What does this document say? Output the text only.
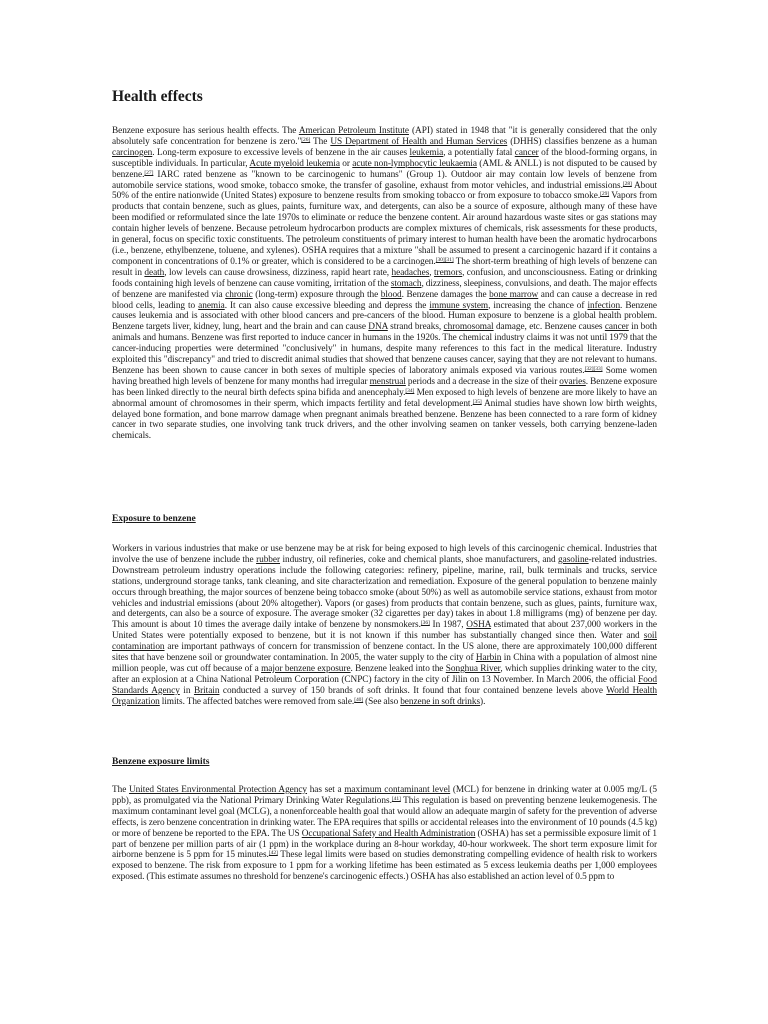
Health effects

Benzene exposure has serious health effects. The American Petroleum Institute (API) stated in 1948 that "it is generally considered that the only absolutely safe concentration for benzene is zero."[26] The US Department of Health and Human Services (DHHS) classifies benzene as a human carcinogen. Long-term exposure to excessive levels of benzene in the air causes leukemia, a potentially fatal cancer of the blood-forming organs, in susceptible individuals. In particular, Acute myeloid leukemia or acute non-lymphocytic leukaemia (AML & ANLL) is not disputed to be caused by benzene.[27] IARC rated benzene as "known to be carcinogenic to humans" (Group 1). Outdoor air may contain low levels of benzene from automobile service stations, wood smoke, tobacco smoke, the transfer of gasoline, exhaust from motor vehicles, and industrial emissions.[28] About 50% of the entire nationwide (United States) exposure to benzene results from smoking tobacco or from exposure to tobacco smoke.[29] Vapors from products that contain benzene, such as glues, paints, furniture wax, and detergents, can also be a source of exposure, although many of these have been modified or reformulated since the late 1970s to eliminate or reduce the benzene content. Air around hazardous waste sites or gas stations may contain higher levels of benzene. Because petroleum hydrocarbon products are complex mixtures of chemicals, risk assessments for these products, in general, focus on specific toxic constituents. The petroleum constituents of primary interest to human health have been the aromatic hydrocarbons (i.e., benzene, ethylbenzene, toluene, and xylenes). OSHA requires that a mixture "shall be assumed to present a carcinogenic hazard if it contains a component in concentrations of 0.1% or greater, which is considered to be a carcinogen.[30][31] The short-term breathing of high levels of benzene can result in death, low levels can cause drowsiness, dizziness, rapid heart rate, headaches, tremors, confusion, and unconsciousness. Eating or drinking foods containing high levels of benzene can cause vomiting, irritation of the stomach, dizziness, sleepiness, convulsions, and death. The major effects of benzene are manifested via chronic (long-term) exposure through the blood. Benzene damages the bone marrow and can cause a decrease in red blood cells, leading to anemia. It can also cause excessive bleeding and depress the immune system, increasing the chance of infection. Benzene causes leukemia and is associated with other blood cancers and pre-cancers of the blood. Human exposure to benzene is a global health problem. Benzene targets liver, kidney, lung, heart and the brain and can cause DNA strand breaks, chromosomal damage, etc. Benzene causes cancer in both animals and humans. Benzene was first reported to induce cancer in humans in the 1920s. The chemical industry claims it was not until 1979 that the cancer-inducing properties were determined "conclusively" in humans, despite many references to this fact in the medical literature. Industry exploited this "discrepancy" and tried to discredit animal studies that showed that benzene causes cancer, saying that they are not relevant to humans. Benzene has been shown to cause cancer in both sexes of multiple species of laboratory animals exposed via various routes.[32][33] Some women having breathed high levels of benzene for many months had irregular menstrual periods and a decrease in the size of their ovaries. Benzene exposure has been linked directly to the neural birth defects spina bifida and anencephaly.[34] Men exposed to high levels of benzene are more likely to have an abnormal amount of chromosomes in their sperm, which impacts fertility and fetal development.[35] Animal studies have shown low birth weights, delayed bone formation, and bone marrow damage when pregnant animals breathed benzene. Benzene has been connected to a rare form of kidney cancer in two separate studies, one involving tank truck drivers, and the other involving seamen on tanker vessels, both carrying benzene-laden chemicals.

Exposure to benzene

Workers in various industries that make or use benzene may be at risk for being exposed to high levels of this carcinogenic chemical. Industries that involve the use of benzene include the rubber industry, oil refineries, coke and chemical plants, shoe manufacturers, and gasoline-related industries. Downstream petroleum industry operations include the following categories: refinery, pipeline, marine, rail, bulk terminals and trucks, service stations, underground storage tanks, tank cleaning, and site characterization and remediation. Exposure of the general population to benzene mainly occurs through breathing, the major sources of benzene being tobacco smoke (about 50%) as well as automobile service stations, exhaust from motor vehicles and industrial emissions (about 20% altogether). Vapors (or gases) from products that contain benzene, such as glues, paints, furniture wax, and detergents, can also be a source of exposure. The average smoker (32 cigarettes per day) takes in about 1.8 milligrams (mg) of benzene per day. This amount is about 10 times the average daily intake of benzene by nonsmokers.[36] In 1987, OSHA estimated that about 237,000 workers in the United States were potentially exposed to benzene, but it is not known if this number has substantially changed since then. Water and soil contamination are important pathways of concern for transmission of benzene contact. In the US alone, there are approximately 100,000 different sites that have benzene soil or groundwater contamination. In 2005, the water supply to the city of Harbin in China with a population of almost nine million people, was cut off because of a major benzene exposure. Benzene leaked into the Songhua River, which supplies drinking water to the city, after an explosion at a China National Petroleum Corporation (CNPC) factory in the city of Jilin on 13 November. In March 2006, the official Food Standards Agency in Britain conducted a survey of 150 brands of soft drinks. It found that four contained benzene levels above World Health Organization limits. The affected batches were removed from sale.[40] (See also benzene in soft drinks).

Benzene exposure limits

The United States Environmental Protection Agency has set a maximum contaminant level (MCL) for benzene in drinking water at 0.005 mg/L (5 ppb), as promulgated via the National Primary Drinking Water Regulations.[41] This regulation is based on preventing benzene leukemogenesis. The maximum contaminant level goal (MCLG), a nonenforceable health goal that would allow an adequate margin of safety for the prevention of adverse effects, is zero benzene concentration in drinking water. The EPA requires that spills or accidental releases into the environment of 10 pounds (4.5 kg) or more of benzene be reported to the EPA. The US Occupational Safety and Health Administration (OSHA) has set a permissible exposure limit of 1 part of benzene per million parts of air (1 ppm) in the workplace during an 8-hour workday, 40-hour workweek. The short term exposure limit for airborne benzene is 5 ppm for 15 minutes.[42] These legal limits were based on studies demonstrating compelling evidence of health risk to workers exposed to benzene. The risk from exposure to 1 ppm for a working lifetime has been estimated as 5 excess leukemia deaths per 1,000 employees exposed. (This estimate assumes no threshold for benzene's carcinogenic effects.) OSHA has also established an action level of 0.5 ppm to
